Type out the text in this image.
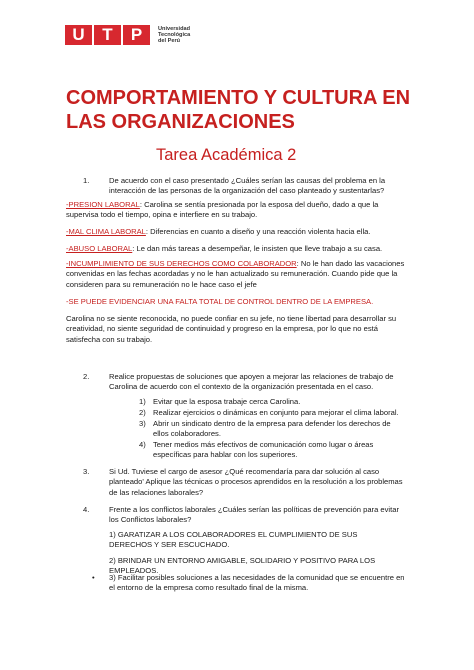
U	T	P	Universidad
Tecnológica
del Perú
COMPORTAMIENTO Y CULTURA EN LAS ORGANIZACIONES
Tarea Académica 2
1.	De acuerdo con el caso presentado ¿Cuáles serían las causas del problema en la interacción de las personas de la organización del caso planteado y sustentarlas?
-PRESION LABORAL: Carolina se sentía presionada por la esposa del dueño, dado a que la supervisa todo el tiempo, opina e interfiere en su trabajo.
-MAL CLIMA LABORAL: Diferencias en cuanto a diseño y una reacción violenta hacia ella.
-ABUSO LABORAL: Le dan más tareas a desempeñar, le insisten que lleve trabajo a su casa.
-INCUMPLIMIENTO DE SUS DERECHOS COMO COLABORADOR: No le han dado las vacaciones convenidas en las fechas acordadas y no le han actualizado su remuneración. Cuando pide que la consideren para su remuneración no le hace caso el jefe
-SE PUEDE EVIDENCIAR UNA FALTA TOTAL DE CONTROL DENTRO DE LA EMPRESA.
Carolina no se siente reconocida, no puede confiar en su jefe, no tiene libertad para desarrollar su creatividad, no siente seguridad de continuidad y progreso en la empresa, por lo que no está satisfecha con su trabajo.
2.	Realice propuestas de soluciones que apoyen a mejorar las relaciones de trabajo de Carolina de acuerdo con el contexto de la organización presentada en el caso.
1) Evitar que la esposa trabaje cerca Carolina.
2) Realizar ejercicios o dinámicas en conjunto para mejorar el clima laboral.
3) Abrir un sindicato dentro de la empresa para defender los derechos de ellos colaboradores.
4) Tener medios más efectivos de comunicación como lugar o áreas específicas para hablar con los superiores.
3.	Si Ud. Tuviese el cargo de asesor ¿Qué recomendaría para dar solución al caso planteado' Aplique las técnicas o procesos aprendidos en la resolución a los problemas de las relaciones laborales?
4.	Frente a los conflictos laborales ¿Cuáles serían las políticas de prevención para evitar los Conflictos laborales?
1) GARATIZAR A LOS COLABORADORES EL CUMPLIMIENTO DE SUS DERECHOS Y SER ESCUCHADO.
2) BRINDAR UN ENTORNO AMIGABLE, SOLIDARIO Y POSITIVO PARA LOS EMPLEADOS.
• 3) Facilitar posibles soluciones a las necesidades de la comunidad que se encuentre en el entorno de la empresa como resultado final de la misma.
